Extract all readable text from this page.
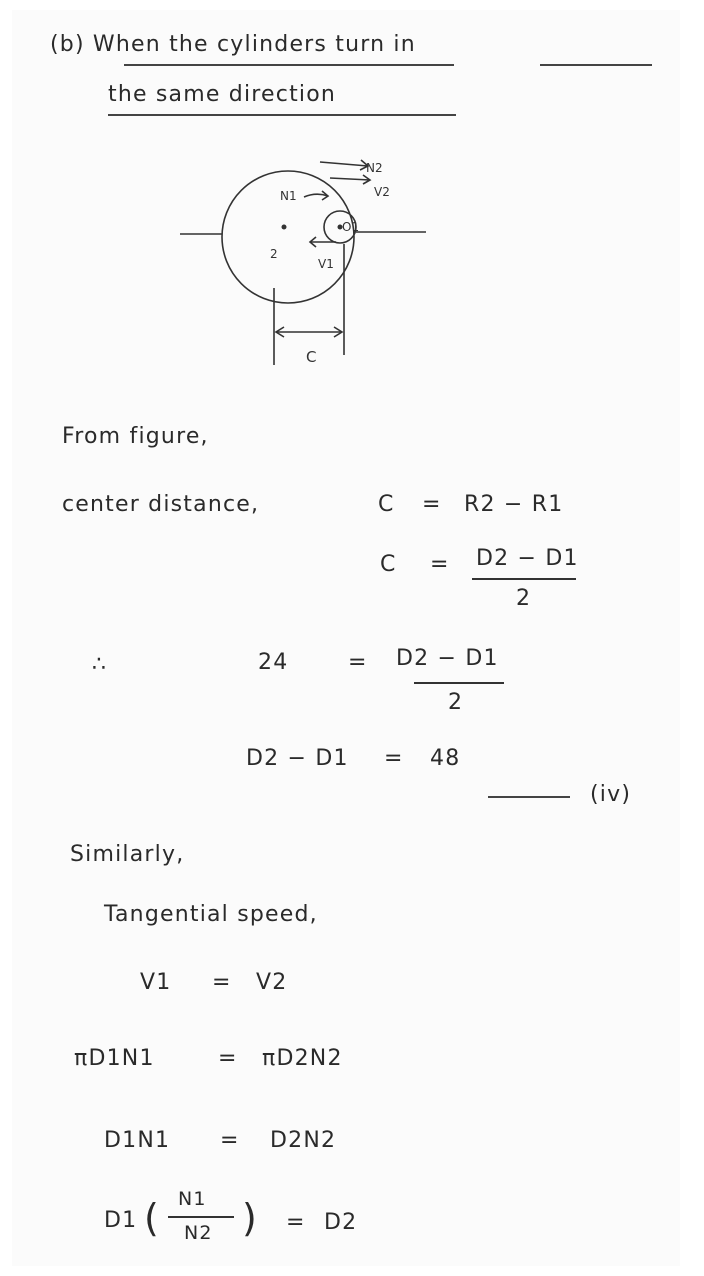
(b) When the cylinders turn in
the same direction
N2
V2
N1
O1
2
V1
C
From figure,
center distance,	C = R2 − R1
C = D2 − D1
2
∴	24	= D2 − D1
2
D2 − D1 = 48
(iv)
Similarly,
Tangential speed,
V1 = V2
πD1N1	= πD2N2
D1N1 = D2N2
D1 ( N1
N2 ) = D2
